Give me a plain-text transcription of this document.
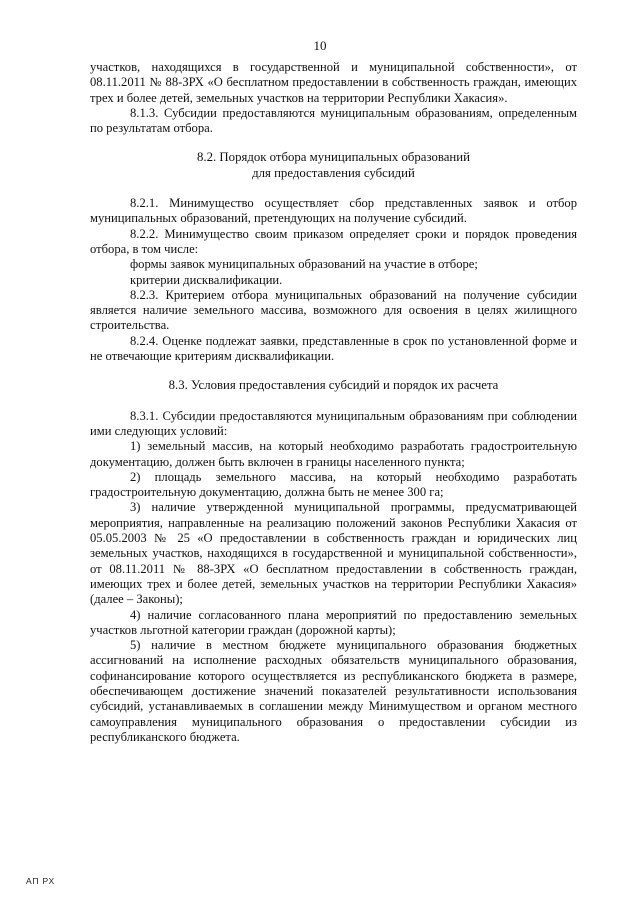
10

участков, находящихся в государственной и муниципальной собственности», от 08.11.2011 № 88-ЗРХ «О бесплатном предоставлении в собственность граждан, имеющих трех и более детей, земельных участков на территории Республики Хакасия».

8.1.3. Субсидии предоставляются муниципальным образованиям, определенным по результатам отбора.

8.2. Порядок отбора муниципальных образований

для предоставления субсидий

8.2.1. Минимущество осуществляет сбор представленных заявок и отбор муниципальных образований, претендующих на получение субсидий.

8.2.2. Минимущество своим приказом определяет сроки и порядок проведения отбора, в том числе:

формы заявок муниципальных образований на участие в отборе;

критерии дисквалификации.

8.2.3. Критерием отбора муниципальных образований на получение субсидии является наличие земельного массива, возможного для освоения в целях жилищного строительства.

8.2.4. Оценке подлежат заявки, представленные в срок по установленной форме и не отвечающие критериям дисквалификации.

8.3. Условия предоставления субсидий и порядок их расчета

8.3.1. Субсидии предоставляются муниципальным образованиям при соблюдении ими следующих условий:

1) земельный массив, на который необходимо разработать градостроительную документацию, должен быть включен в границы населенного пункта;

2) площадь земельного массива, на который необходимо разработать градостроительную документацию, должна быть не менее 300 га;

3) наличие утвержденной муниципальной программы, предусматривающей мероприятия, направленные на реализацию положений законов Республики Хакасия от 05.05.2003 № 25 «О предоставлении в собственность граждан и юридических лиц земельных участков, находящихся в государственной и муниципальной собственности», от 08.11.2011 № 88-ЗРХ «О бесплатном предоставлении в собственность граждан, имеющих трех и более детей, земельных участков на территории Республики Хакасия» (далее – Законы);

4) наличие согласованного плана мероприятий по предоставлению земельных участков льготной категории граждан (дорожной карты);

5) наличие в местном бюджете муниципального образования бюджетных ассигнований на исполнение расходных обязательств муниципального образования, софинансирование которого осуществляется из республиканского бюджета в размере, обеспечивающем достижение значений показателей результативности использования субсидий, устанавливаемых в соглашении между Минимуществом и органом местного самоуправления муниципального образования о предоставлении субсидии из республиканского бюджета.

АП РХ
